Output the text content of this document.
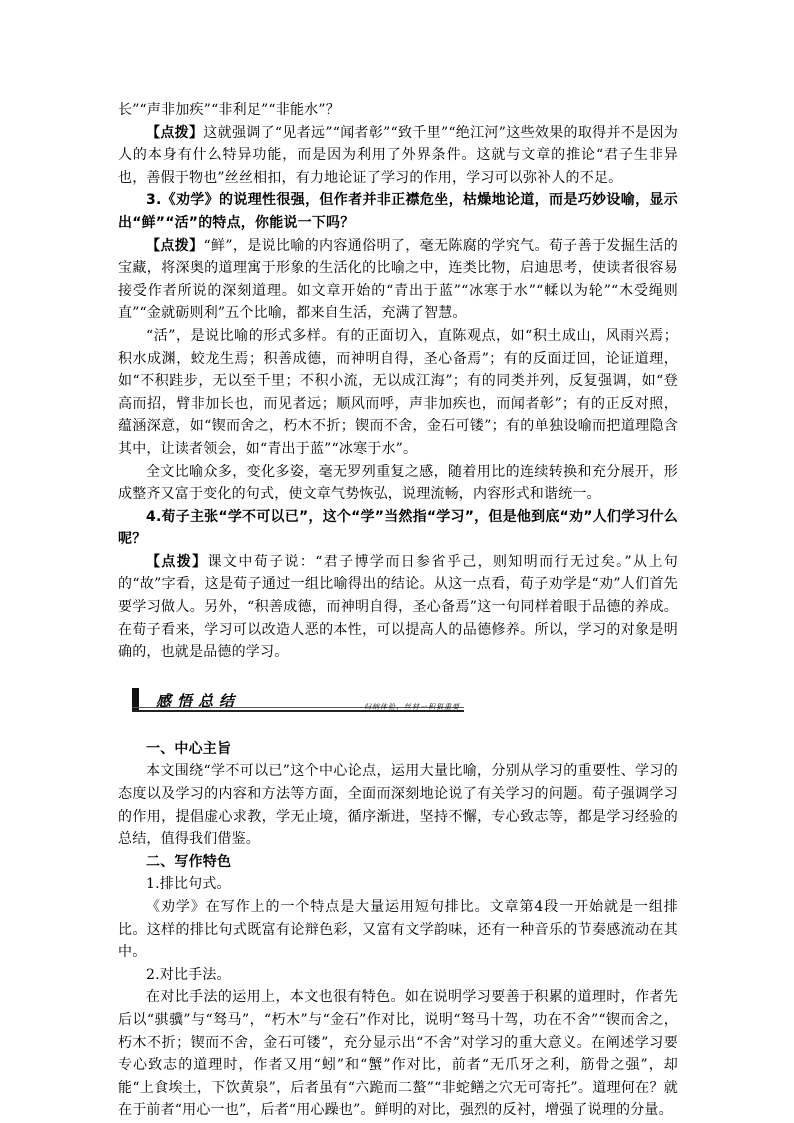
长”“声非加疾”“非利足”“非能水”？

【点拨】这就强调了“见者远”“闻者彰”“致千里”“绝江河”这些效果的取得并不是因为人的本身有什么特异功能，而是因为利用了外界条件。这就与文章的推论“君子生非异也，善假于物也”丝丝相扣，有力地论证了学习的作用，学习可以弥补人的不足。

3.《劝学》的说理性很强，但作者并非正襟危坐，枯燥地论道，而是巧妙设喻，显示出“鲜”“活”的特点，你能说一下吗？

【点拨】“鲜”，是说比喻的内容通俗明了，毫无陈腐的学究气。荀子善于发掘生活的宝藏，将深奥的道理寓于形象的生活化的比喻之中，连类比物，启迪思考，使读者很容易接受作者所说的深刻道理。如文章开始的“青出于蓝”“冰寒于水”“輮以为轮”“木受绳则直”“金就砺则利”五个比喻，都来自生活，充满了智慧。

“活”，是说比喻的形式多样。有的正面切入，直陈观点，如“积土成山，风雨兴焉；积水成渊，蛟龙生焉；积善成德，而神明自得，圣心备焉”；有的反面迂回，论证道理，如“不积跬步，无以至千里；不积小流，无以成江海”；有的同类并列，反复强调，如“登高而招，臂非加长也，而见者远；顺风而呼，声非加疾也，而闻者彰”；有的正反对照，蕴涵深意，如“锲而舍之，朽木不折；锲而不舍，金石可镂”；有的单独设喻而把道理隐含其中，让读者领会，如“青出于蓝”“冰寒于水”。

全文比喻众多，变化多姿，毫无罗列重复之感，随着用比的连续转换和充分展开，形成整齐又富于变化的句式，使文章气势恢弘，说理流畅，内容形式和谐统一。

4.荀子主张“学不可以已”，这个“学”当然指“学习”，但是他到底“劝”人们学习什么呢？

【点拨】课文中荀子说：“君子博学而日参省乎己，则知明而行无过矣。”从上句的“故”字看，这是荀子通过一组比喻得出的结论。从这一点看，荀子劝学是“劝”人们首先要学习做人。另外，“积善成德，而神明自得，圣心备焉”这一句同样着眼于品德的养成。在荀子看来，学习可以改造人恶的本性，可以提高人的品德修养。所以，学习的对象是明确的，也就是品德的学习。

感悟总结	归纳体验，丝材一积狠重要

一、中心主旨

本文围绕“学不可以已”这个中心论点，运用大量比喻，分别从学习的重要性、学习的态度以及学习的内容和方法等方面，全面而深刻地论说了有关学习的问题。荀子强调学习的作用，提倡虚心求教，学无止境，循序渐进，坚持不懈，专心致志等，都是学习经验的总结，值得我们借鉴。

二、写作特色

1.排比句式。

《劝学》在写作上的一个特点是大量运用短句排比。文章第4段一开始就是一组排比。这样的排比句式既富有论辩色彩，又富有文学韵味，还有一种音乐的节奏感流动在其中。

2.对比手法。

在对比手法的运用上，本文也很有特色。如在说明学习要善于积累的道理时，作者先后以“骐骥”与“驽马”，“朽木”与“金石”作对比，说明“驽马十驾，功在不舍”“锲而舍之，朽木不折；锲而不舍，金石可镂”，充分显示出“不舍”对学习的重大意义。在阐述学习要专心致志的道理时，作者又用“蚓”和“蟹”作对比，前者“无爪牙之利，筋骨之强”，却能“上食埃土，下饮黄泉”，后者虽有“六跪而二螯”“非蛇鳝之穴无可寄托”。道理何在？就在于前者“用心一也”，后者“用心躁也”。鲜明的对比，强烈的反衬，增强了说理的分量。
